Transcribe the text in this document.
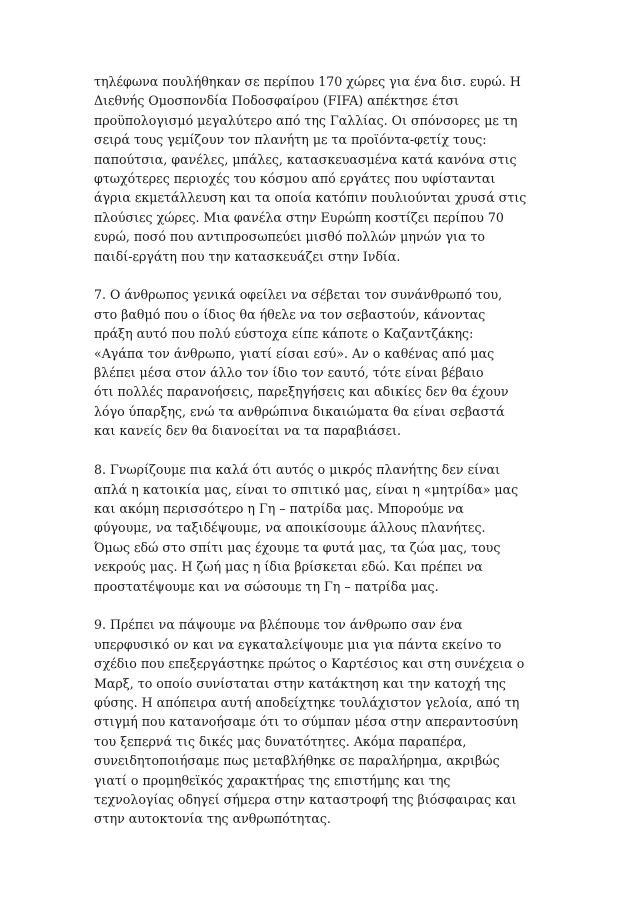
τηλέφωνα πουλήθηκαν σε περίπου 170 χώρες για ένα δισ. ευρώ. Η
Διεθνής Ομοσπονδία Ποδοσφαίρου (FIFA) απέκτησε έτσι
προϋπολογισμό μεγαλύτερο από της Γαλλίας. Οι σπόνσορες με τη
σειρά τους γεμίζουν τον πλανήτη με τα προϊόντα-φετίχ τους:
παπούτσια, φανέλες, μπάλες, κατασκευασμένα κατά κανόνα στις
φτωχότερες περιοχές του κόσμου από εργάτες που υφίστανται
άγρια εκμετάλλευση και τα οποία κατόπιν πουλιούνται χρυσά στις
πλούσιες χώρες. Μια φανέλα στην Ευρώπη κοστίζει περίπου 70
ευρώ, ποσό που αντιπροσωπεύει μισθό πολλών μηνών για το
παιδί-εργάτη που την κατασκευάζει στην Ινδία.

7. Ο άνθρωπος γενικά οφείλει να σέβεται τον συνάνθρωπό του,
στο βαθμό που ο ίδιος θα ήθελε να τον σεβαστούν, κάνοντας
πράξη αυτό που πολύ εύστοχα είπε κάποτε ο Καζαντζάκης:
«Αγάπα τον άνθρωπο, γιατί είσαι εσύ». Αν ο καθένας από μας
βλέπει μέσα στον άλλο τον ίδιο τον εαυτό, τότε είναι βέβαιο
ότι πολλές παρανοήσεις, παρεξηγήσεις και αδικίες δεν θα έχουν
λόγο ύπαρξης, ενώ τα ανθρώπινα δικαιώματα θα είναι σεβαστά
και κανείς δεν θα διανοείται να τα παραβιάσει.

8. Γνωρίζουμε πια καλά ότι αυτός ο μικρός πλανήτης δεν είναι
απλά η κατοικία μας, είναι το σπιτικό μας, είναι η «μητρίδα» μας
και ακόμη περισσότερο η Γη – πατρίδα μας. Μπορούμε να
φύγουμε, να ταξιδέψουμε, να αποικίσουμε άλλους πλανήτες.
Όμως εδώ στο σπίτι μας έχουμε τα φυτά μας, τα ζώα μας, τους
νεκρούς μας. Η ζωή μας η ίδια βρίσκεται εδώ. Και πρέπει να
προστατέψουμε και να σώσουμε τη Γη – πατρίδα μας.

9. Πρέπει να πάψουμε να βλέπουμε τον άνθρωπο σαν ένα
υπερφυσικό ον και να εγκαταλείψουμε μια για πάντα εκείνο το
σχέδιο που επεξεργάστηκε πρώτος ο Καρτέσιος και στη συνέχεια ο
Μαρξ, το οποίο συνίσταται στην κατάκτηση και την κατοχή της
φύσης. Η απόπειρα αυτή αποδείχτηκε τουλάχιστον γελοία, από τη
στιγμή που κατανοήσαμε ότι το σύμπαν μέσα στην απεραντοσύνη
του ξεπερνά τις δικές μας δυνατότητες. Ακόμα παραπέρα,
συνειδητοποιήσαμε πως μεταβλήθηκε σε παραλήρημα, ακριβώς
γιατί ο προμηθεϊκός χαρακτήρας της επιστήμης και της
τεχνολογίας οδηγεί σήμερα στην καταστροφή της βιόσφαιρας και
στην αυτοκτονία της ανθρωπότητας.
